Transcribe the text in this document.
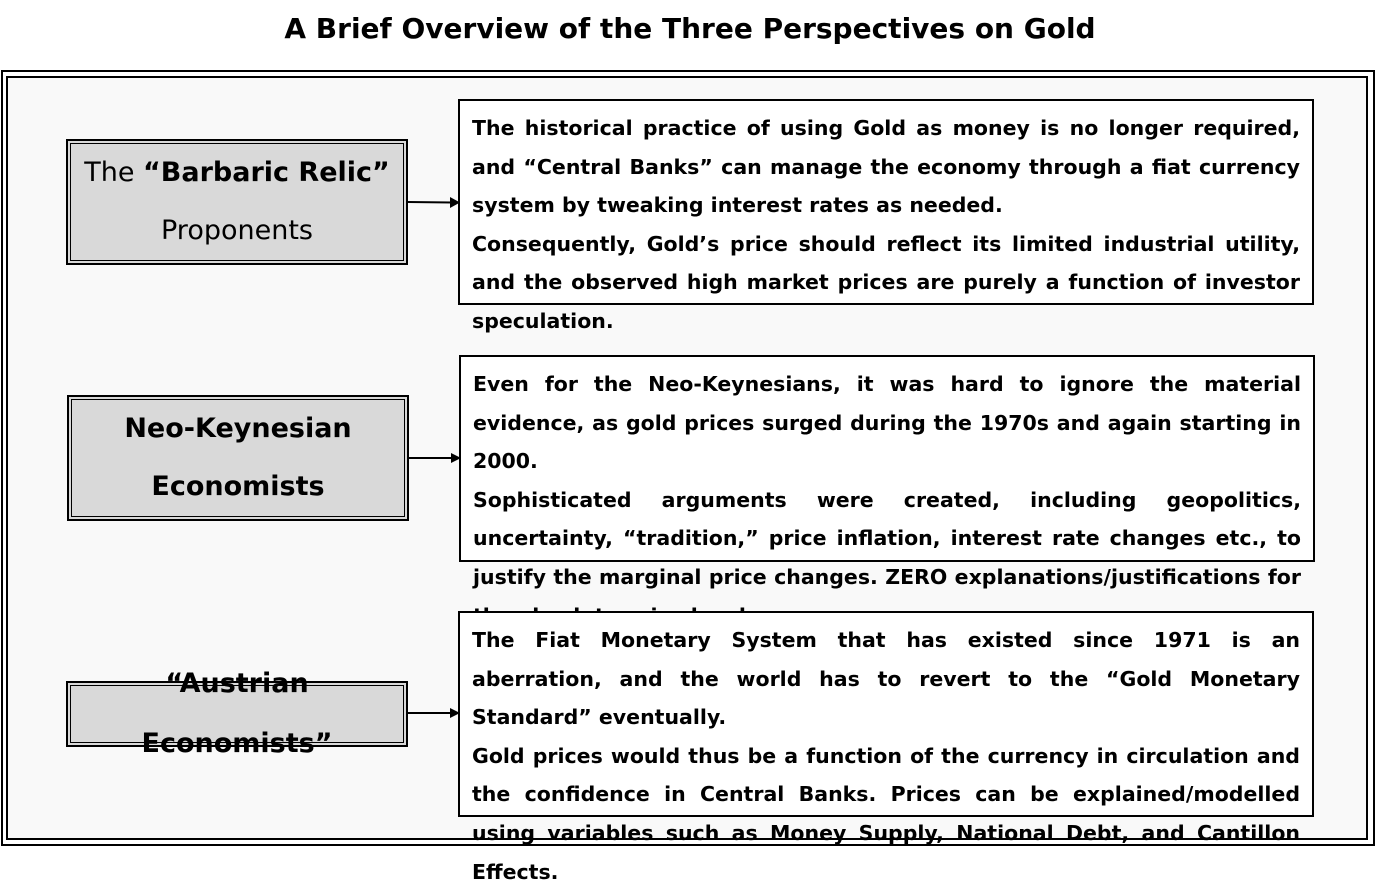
A Brief Overview of the Three Perspectives on Gold
The “Barbaric Relic”
Proponents

The historical practice of using Gold as money is no longer required, and “Central Banks” can manage the economy through a fiat currency system by tweaking interest rates as needed.

Consequently, Gold’s price should reflect its limited industrial utility, and the observed high market prices are purely a function of investor speculation.

Neo-Keynesian
Economists

Even for the Neo-Keynesians, it was hard to ignore the material evidence, as gold prices surged during the 1970s and again starting in 2000.

Sophisticated arguments were created, including geopolitics, uncertainty, “tradition,” price inflation, interest rate changes etc., to justify the marginal price changes. ZERO explanations/justifications for

“Austrian Economists”

The Fiat Monetary System that has existed since 1971 is an aberration, and the world has to revert to the “Gold Monetary Standard” eventually.

Gold prices would thus be a function of the currency in circulation and the confidence in Central Banks. Prices can be explained/modelled using variables such as Money Supply, National Debt, and Cantillon Effects.
